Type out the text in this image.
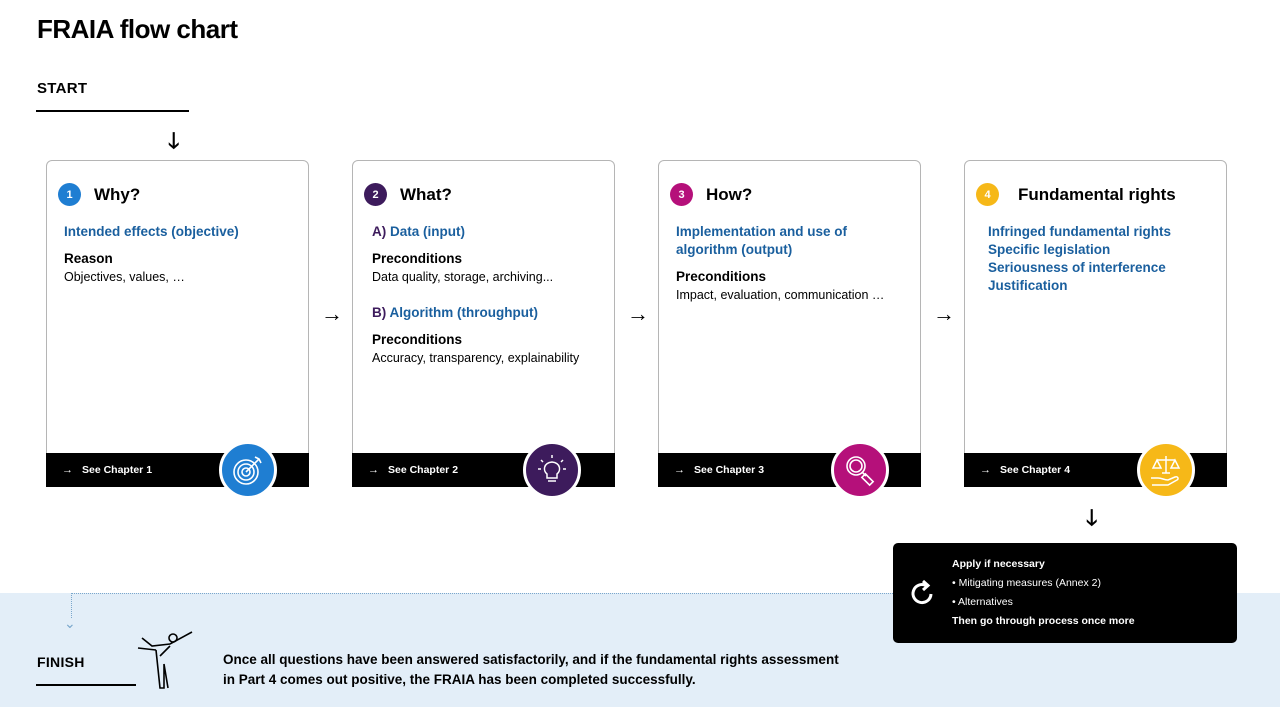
FRAIA flow chart
START
🡓
1	Why?
Intended effects (objective)
Reason
Objectives, values, …
→ See Chapter 1
→
2	What?
A) Data (input)
Preconditions
Data quality, storage, archiving...
B) Algorithm (throughput)
Preconditions
Accuracy, transparency, explainability
→ See Chapter 2
→
3	How?
Implementation and use of
algorithm (output)
Preconditions
Impact, evaluation, communication …
→ See Chapter 3
→
4	Fundamental rights
Infringed fundamental rights
Specific legislation
Seriousness of interference
Justification
→ See Chapter 4
🡓
⌄
FINISH	Once all questions have been answered satisfactorily, and if the fundamental rights assessment
in Part 4 comes out positive, the FRAIA has been completed successfully.
Apply if necessary
• Mitigating measures (Annex 2)
• Alternatives
Then go through process once more
